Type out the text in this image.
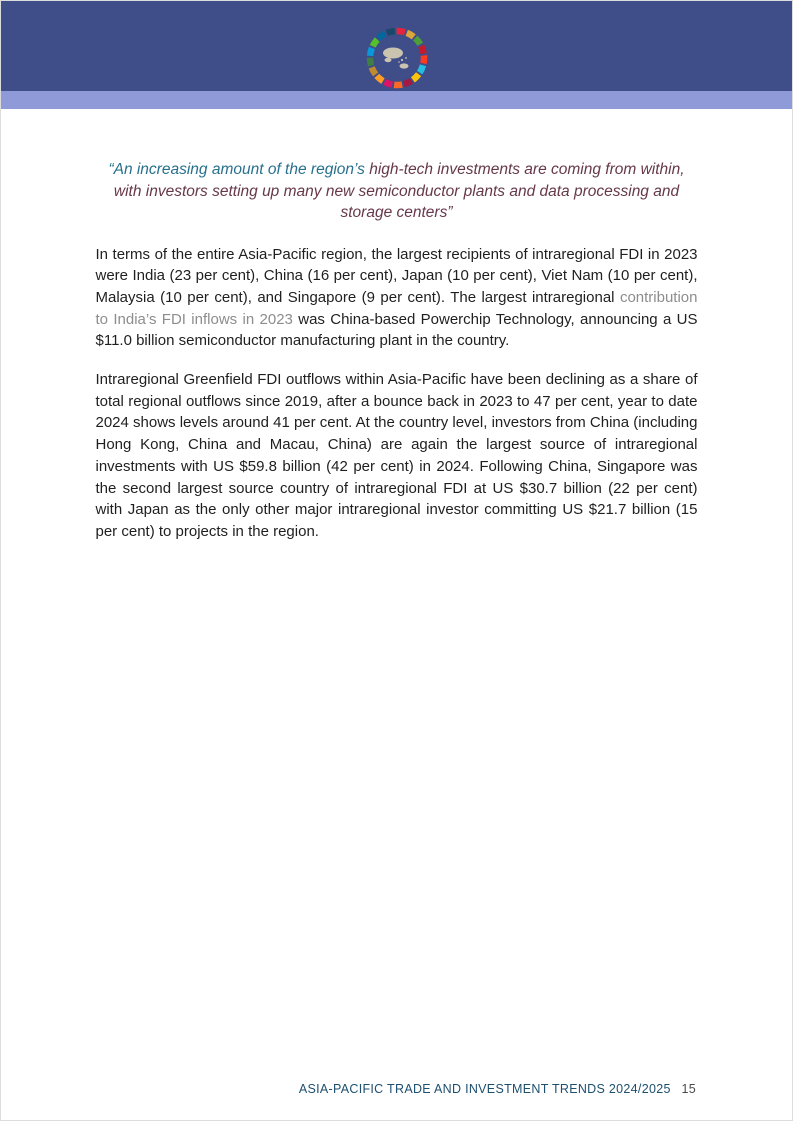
“An increasing amount of the region’s high-tech investments are coming from within, with investors setting up many new semiconductor plants and data processing and storage centers”

In terms of the entire Asia-Pacific region, the largest recipients of intraregional FDI in 2023 were India (23 per cent), China (16 per cent), Japan (10 per cent), Viet Nam (10 per cent), Malaysia (10 per cent), and Singapore (9 per cent). The largest intraregional contribution to India’s FDI inflows in 2023 was China-based Powerchip Technology, announcing a US $11.0 billion semiconductor manufacturing plant in the country.

Intraregional Greenfield FDI outflows within Asia-Pacific have been declining as a share of total regional outflows since 2019, after a bounce back in 2023 to 47 per cent, year to date 2024 shows levels around 41 per cent. At the country level, investors from China (including Hong Kong, China and Macau, China) are again the largest source of intraregional investments with US $59.8 billion (42 per cent) in 2024. Following China, Singapore was the second largest source country of intraregional FDI at US $30.7 billion (22 per cent) with Japan as the only other major intraregional investor committing US $21.7 billion (15 per cent) to projects in the region.

ASIA-PACIFIC TRADE AND INVESTMENT TRENDS 2024/2025 15
